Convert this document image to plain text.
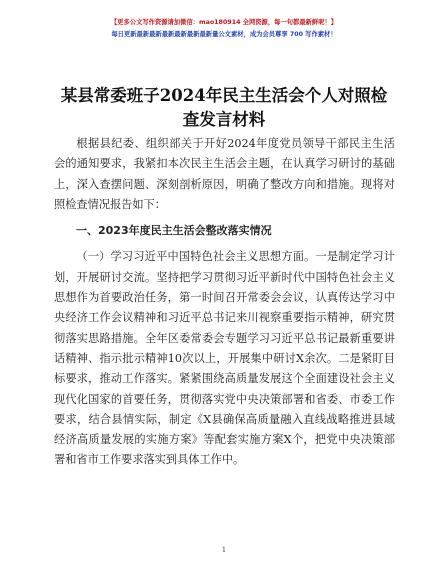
【更多公文写作资源请加微信：mao180914 全网资源，每一句都最新鲜呢！】
每日更新最新最新最新最新最新最新量公文素材，成为会员尊享 700 写作素材！
某县常委班子2024年民主生活会个人对照检查发言材料

根据县纪委、组织部关于开好2024年度党员领导干部民主生活会的通知要求，我紧扣本次民主生活会主题，在认真学习研讨的基础上，深入查摆问题、深刻剖析原因，明确了整改方向和措施。现将对照检查情况报告如下：

一、2023年度民主生活会整改落实情况

（一）学习习近平中国特色社会主义思想方面。一是制定学习计划，开展研讨交流。坚持把学习贯彻习近平新时代中国特色社会主义思想作为首要政治任务，第一时间召开常委会会议，认真传达学习中央经济工作会议精神和习近平总书记来川视察重要指示精神，研究贯彻落实思路措施。全年区委常委会专题学习习近平总书记最新重要讲话精神、指示批示精神10次以上，开展集中研讨X余次。二是紧盯目标要求，推动工作落实。紧紧围绕高质量发展这个全面建设社会主义现代化国家的首要任务，贯彻落实党中央决策部署和省委、市委工作要求，结合县情实际，制定《X县确保高质量融入直线战略推进县域经济高质量发展的实施方案》等配套实施方案X个，把党中央决策部署和省市工作要求落实到具体工作中。

1
